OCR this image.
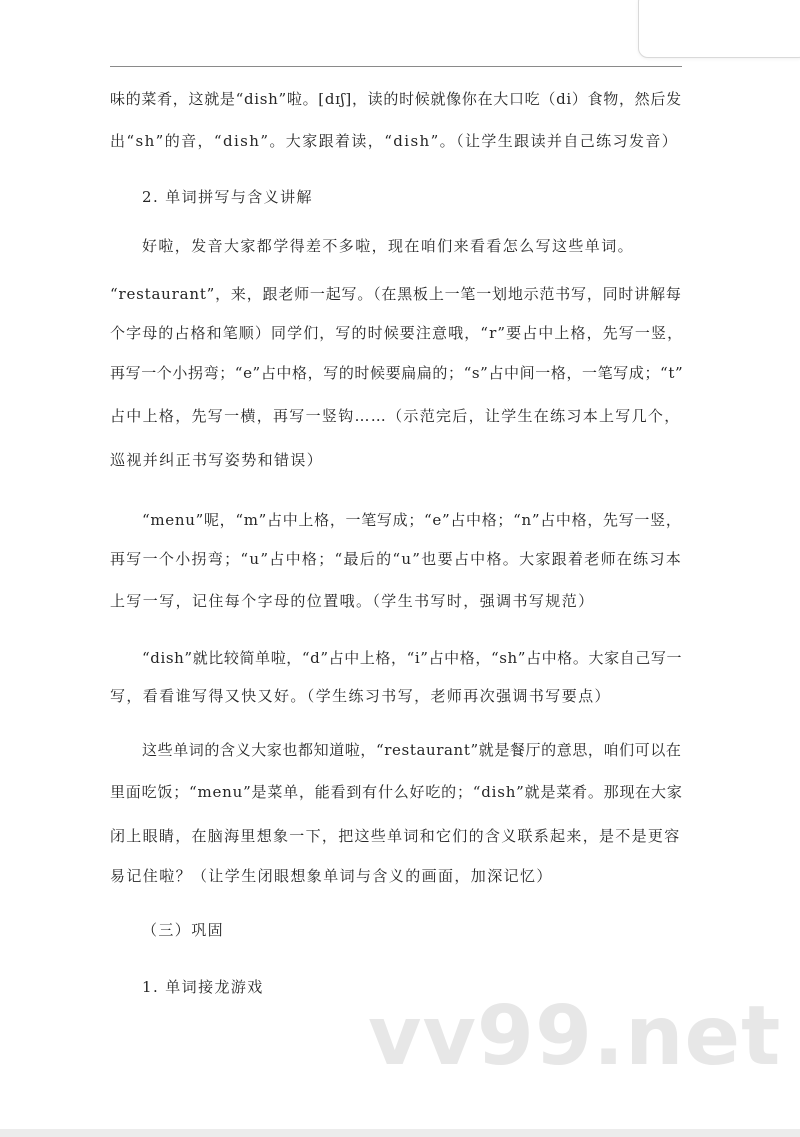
味的菜肴，这就是“dish”啦。[dɪʃ]，读的时候就像你在大口吃（di）食物，然后发
出“sh”的音，“dish”。大家跟着读，“dish”。（让学生跟读并自己练习发音）
2. 单词拼写与含义讲解
好啦，发音大家都学得差不多啦，现在咱们来看看怎么写这些单词。
“restaurant”，来，跟老师一起写。（在黑板上一笔一划地示范书写，同时讲解每
个字母的占格和笔顺）同学们，写的时候要注意哦，“r”要占中上格，先写一竖，
再写一个小拐弯；“e”占中格，写的时候要扁扁的；“s”占中间一格，一笔写成；“t”
占中上格，先写一横，再写一竖钩……（示范完后，让学生在练习本上写几个，
巡视并纠正书写姿势和错误）
“menu”呢，“m”占中上格，一笔写成；“e”占中格；“n”占中格，先写一竖，
再写一个小拐弯；“u”占中格；“最后的“u”也要占中格。大家跟着老师在练习本
上写一写，记住每个字母的位置哦。（学生书写时，强调书写规范）
“dish”就比较简单啦，“d”占中上格，“i”占中格，“sh”占中格。大家自己写一
写，看看谁写得又快又好。（学生练习书写，老师再次强调书写要点）
这些单词的含义大家也都知道啦，“restaurant”就是餐厅的意思，咱们可以在
里面吃饭；“menu”是菜单，能看到有什么好吃的；“dish”就是菜肴。那现在大家
闭上眼睛，在脑海里想象一下，把这些单词和它们的含义联系起来，是不是更容
易记住啦？（让学生闭眼想象单词与含义的画面，加深记忆）
（三）巩固
1. 单词接龙游戏
vv99.net
